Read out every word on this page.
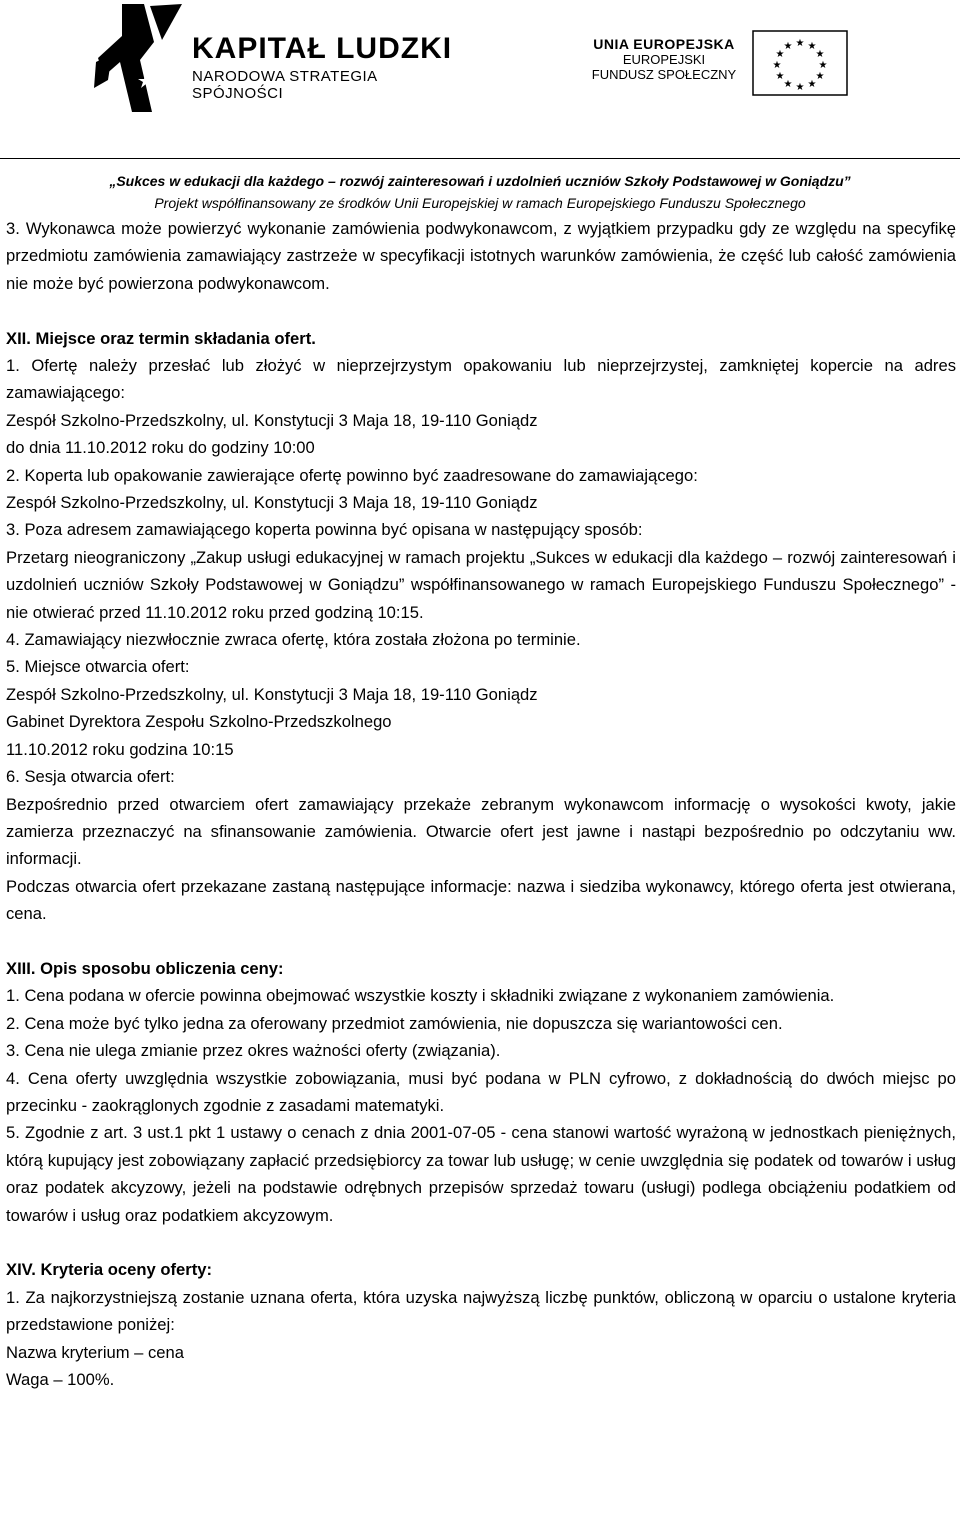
KAPITAŁ LUDZKI
NARODOWA STRATEGIA SPÓJNOŚCI
UNIA EUROPEJSKA
EUROPEJSKI
FUNDUSZ SPOŁECZNY
★ ★
★
★
★
★
★
★
★
★
★
★
„Sukces w edukacji dla każdego – rozwój zainteresowań i uzdolnień uczniów Szkoły Podstawowej w Goniądzu”
Projekt współfinansowany ze środków Unii Europejskiej w ramach Europejskiego Funduszu Społecznego

3. Wykonawca może powierzyć wykonanie zamówienia podwykonawcom, z wyjątkiem przypadku gdy ze względu na specyfikę przedmiotu zamówienia zamawiający zastrzeże w specyfikacji istotnych warunków zamówienia, że część lub całość zamówienia nie może być powierzona podwykonawcom.

XII. Miejsce oraz termin składania ofert.

1. Ofertę należy przesłać lub złożyć w nieprzejrzystym opakowaniu lub nieprzejrzystej, zamkniętej kopercie na adres zamawiającego:

Zespół Szkolno-Przedszkolny, ul. Konstytucji 3 Maja 18, 19-110 Goniądz

do dnia 11.10.2012 roku do godziny 10:00

2. Koperta lub opakowanie zawierające ofertę powinno być zaadresowane do zamawiającego:

Zespół Szkolno-Przedszkolny, ul. Konstytucji 3 Maja 18, 19-110 Goniądz

3. Poza adresem zamawiającego koperta powinna być opisana w następujący sposób:

Przetarg nieograniczony „Zakup usługi edukacyjnej w ramach projektu „Sukces w edukacji dla każdego – rozwój zainteresowań i uzdolnień uczniów Szkoły Podstawowej w Goniądzu” współfinansowanego w ramach Europejskiego Funduszu Społecznego” - nie otwierać przed 11.10.2012 roku przed godziną 10:15.

4. Zamawiający niezwłocznie zwraca ofertę, która została złożona po terminie.

5. Miejsce otwarcia ofert:

Zespół Szkolno-Przedszkolny, ul. Konstytucji 3 Maja 18, 19-110 Goniądz

Gabinet Dyrektora Zespołu Szkolno-Przedszkolnego

11.10.2012 roku godzina 10:15

6. Sesja otwarcia ofert:

Bezpośrednio przed otwarciem ofert zamawiający przekaże zebranym wykonawcom informację o wysokości kwoty, jakie zamierza przeznaczyć na sfinansowanie zamówienia. Otwarcie ofert jest jawne i nastąpi bezpośrednio po odczytaniu ww. informacji.

Podczas otwarcia ofert przekazane zastaną następujące informacje: nazwa i siedziba wykonawcy, którego oferta jest otwierana, cena.

XIII. Opis sposobu obliczenia ceny:

1. Cena podana w ofercie powinna obejmować wszystkie koszty i składniki związane z wykonaniem zamówienia.

2. Cena może być tylko jedna za oferowany przedmiot zamówienia, nie dopuszcza się wariantowości cen.

3. Cena nie ulega zmianie przez okres ważności oferty (związania).

4. Cena oferty uwzględnia wszystkie zobowiązania, musi być podana w PLN cyfrowo, z dokładnością do dwóch miejsc po przecinku - zaokrąglonych zgodnie z zasadami matematyki.

5. Zgodnie z art. 3 ust.1 pkt 1 ustawy o cenach z dnia 2001-07-05 - cena stanowi wartość wyrażoną w jednostkach pieniężnych, którą kupujący jest zobowiązany zapłacić przedsiębiorcy za towar lub usługę; w cenie uwzględnia się podatek od towarów i usług oraz podatek akcyzowy, jeżeli na podstawie odrębnych przepisów sprzedaż towaru (usługi) podlega obciążeniu podatkiem od towarów i usług oraz podatkiem akcyzowym.

XIV. Kryteria oceny oferty:

1. Za najkorzystniejszą zostanie uznana oferta, która uzyska najwyższą liczbę punktów, obliczoną w oparciu o ustalone kryteria przedstawione poniżej:

Nazwa kryterium – cena

Waga – 100%.
